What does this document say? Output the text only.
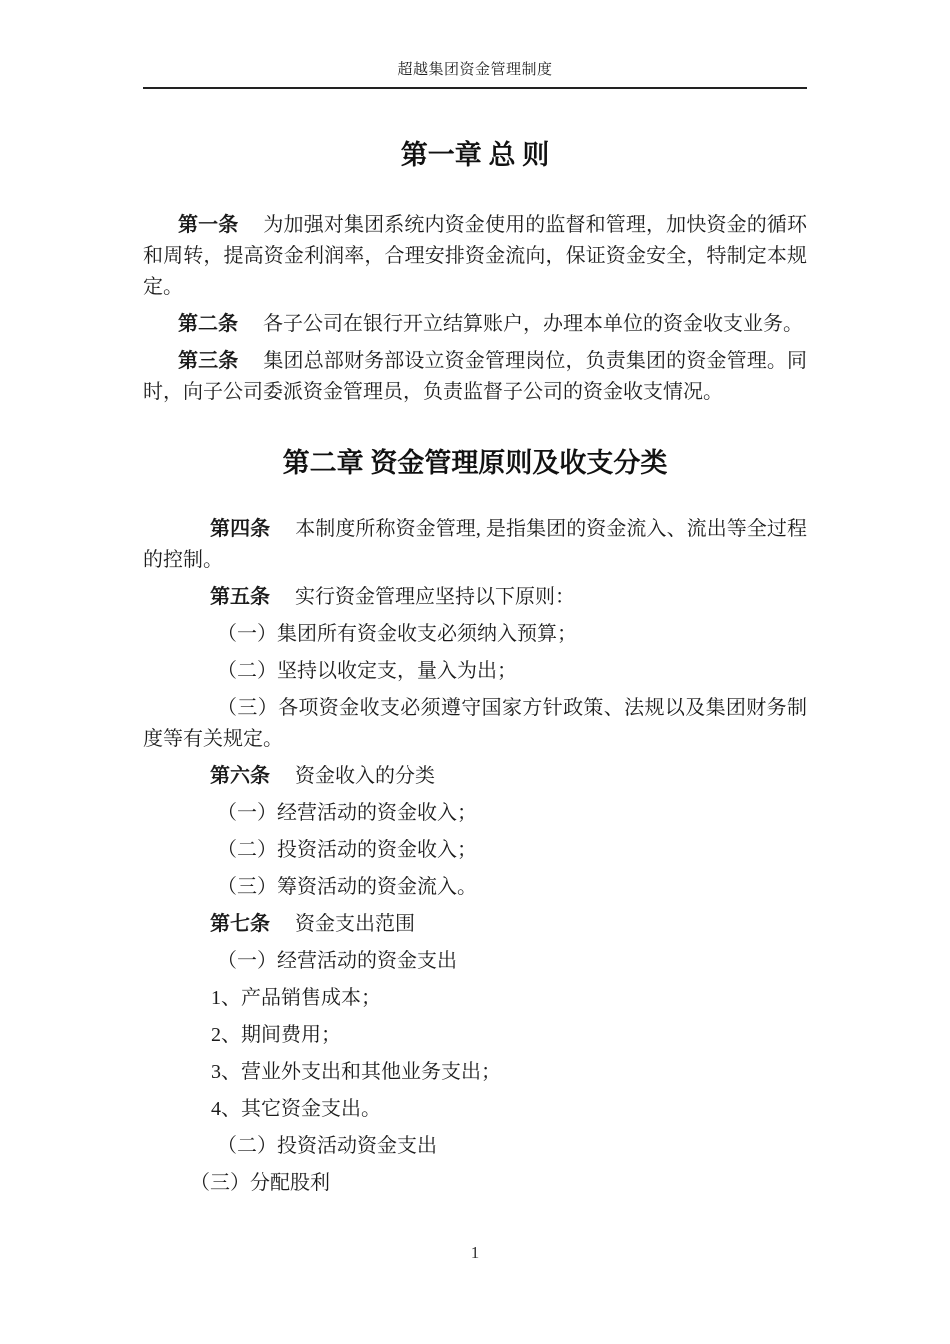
超越集团资金管理制度
第一章 总 则

第一条 为加强对集团系统内资金使用的监督和管理，加快资金的循环和周转，提高资金利润率，合理安排资金流向，保证资金安全，特制定本规定。

第二条 各子公司在银行开立结算账户，办理本单位的资金收支业务。

第三条 集团总部财务部设立资金管理岗位，负责集团的资金管理。同时，向子公司委派资金管理员，负责监督子公司的资金收支情况。

第二章 资金管理原则及收支分类

第四条 本制度所称资金管理, 是指集团的资金流入、流出等全过程的控制。

第五条 实行资金管理应坚持以下原则：

（一）集团所有资金收支必须纳入预算；

（二）坚持以收定支，量入为出；

（三）各项资金收支必须遵守国家方针政策、法规以及集团财务制度等有关规定。

第六条 资金收入的分类

（一）经营活动的资金收入；

（二）投资活动的资金收入；

（三）筹资活动的资金流入。

第七条 资金支出范围

（一）经营活动的资金支出

1、产品销售成本；

2、期间费用；

3、营业外支出和其他业务支出；

4、其它资金支出。

（二）投资活动资金支出

（三）分配股利

1
